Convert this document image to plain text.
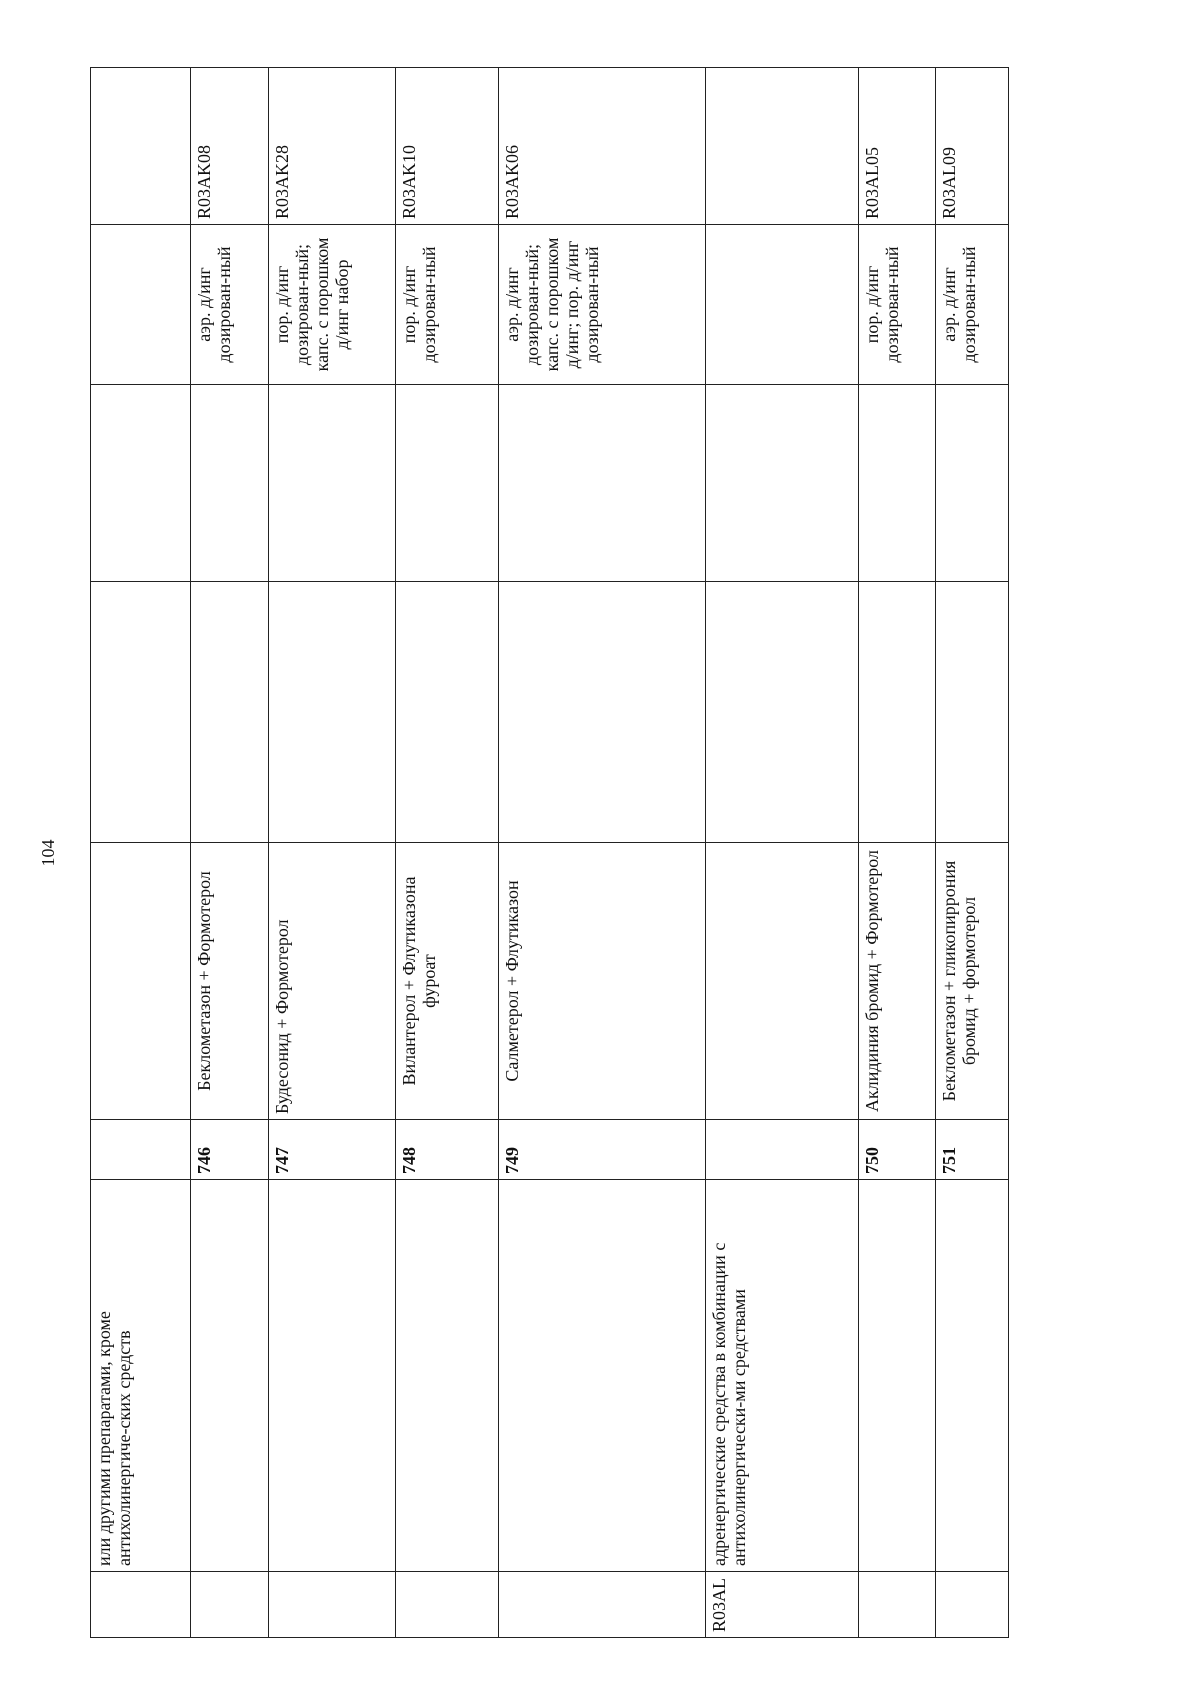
104
	или другими препаратами, кроме антихолинергиче-ских средств						
		746	Беклометазон + Формотерол			аэр. д/инг дозирован-ный	R03AK08
		747	Будесонид + Формотерол			пор. д/инг дозирован-ный; капс. с порошком д/инг набор	R03AK28
		748	Вилантерол + Флутиказона фуроат			пор. д/инг дозирован-ный	R03AK10
		749	Салметерол + Флутиказон			аэр. д/инг дозирован-ный; капс. с порошком д/инг; пор. д/инг дозирован-ный	R03AK06
R03AL	адренергические средства в комбинации с антихолинергически-ми средствами						
		750	Аклидиния бромид + Формотерол			пор. д/инг дозирован-ный	R03AL05
		751	Беклометазон + гликопиррония бромид + формотерол			аэр. д/инг дозирован-ный	R03AL09
